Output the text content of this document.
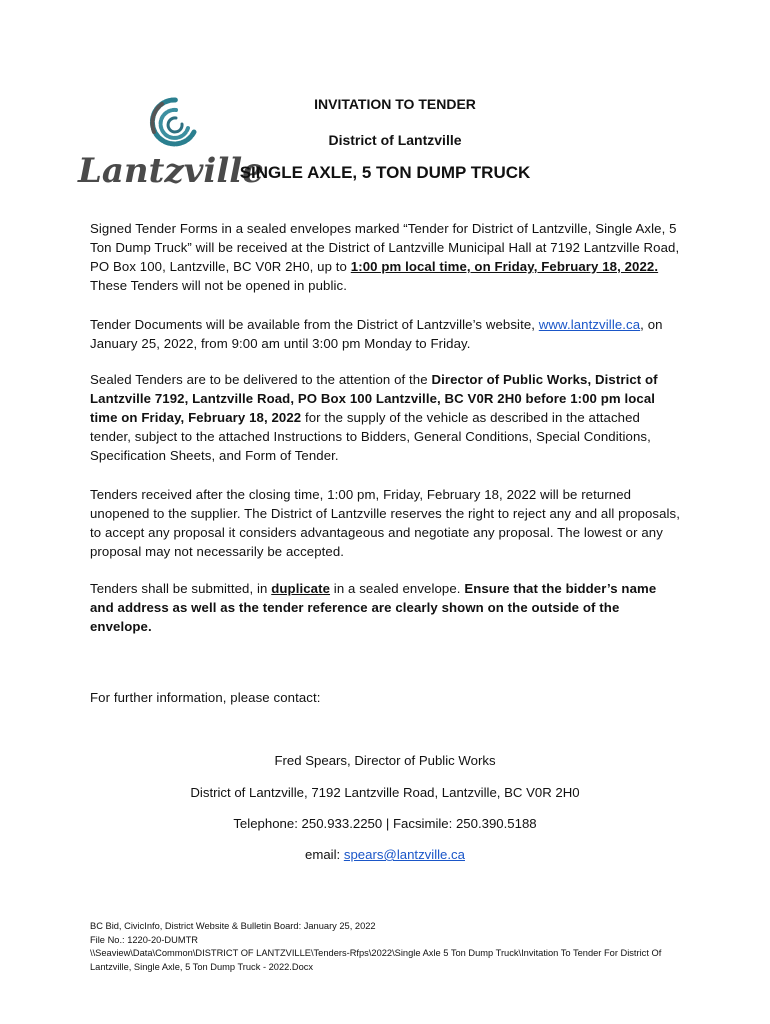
Lantzville
INVITATION TO TENDER
District of Lantzville
SINGLE AXLE, 5 TON DUMP TRUCK

Signed Tender Forms in a sealed envelopes marked “Tender for District of Lantzville, Single Axle, 5 Ton Dump Truck” will be received at the District of Lantzville Municipal Hall at 7192 Lantzville Road, PO Box 100, Lantzville, BC V0R 2H0, up to 1:00 pm local time, on Friday, February 18, 2022. These Tenders will not be opened in public.

Tender Documents will be available from the District of Lantzville’s website, www.lantzville.ca, on January 25, 2022, from 9:00 am until 3:00 pm Monday to Friday.

Sealed Tenders are to be delivered to the attention of the Director of Public Works, District of Lantzville 7192, Lantzville Road, PO Box 100 Lantzville, BC V0R 2H0 before 1:00 pm local time on Friday, February 18, 2022 for the supply of the vehicle as described in the attached tender, subject to the attached Instructions to Bidders, General Conditions, Special Conditions, Specification Sheets, and Form of Tender.

Tenders received after the closing time, 1:00 pm, Friday, February 18, 2022 will be returned unopened to the supplier. The District of Lantzville reserves the right to reject any and all proposals, to accept any proposal it considers advantageous and negotiate any proposal. The lowest or any proposal may not necessarily be accepted.

Tenders shall be submitted, in duplicate in a sealed envelope. Ensure that the bidder’s name and address as well as the tender reference are clearly shown on the outside of the envelope.

For further information, please contact:
Fred Spears, Director of Public Works
District of Lantzville, 7192 Lantzville Road, Lantzville, BC V0R 2H0
Telephone: 250.933.2250 | Facsimile: 250.390.5188
email: spears@lantzville.ca
BC Bid, CivicInfo, District Website & Bulletin Board: January 25, 2022
File No.: 1220-20-DUMTR
\\Seaview\Data\Common\DISTRICT OF LANTZVILLE\Tenders-Rfps\2022\Single Axle 5 Ton Dump Truck\Invitation To Tender For District Of Lantzville, Single Axle, 5 Ton Dump Truck - 2022.Docx
